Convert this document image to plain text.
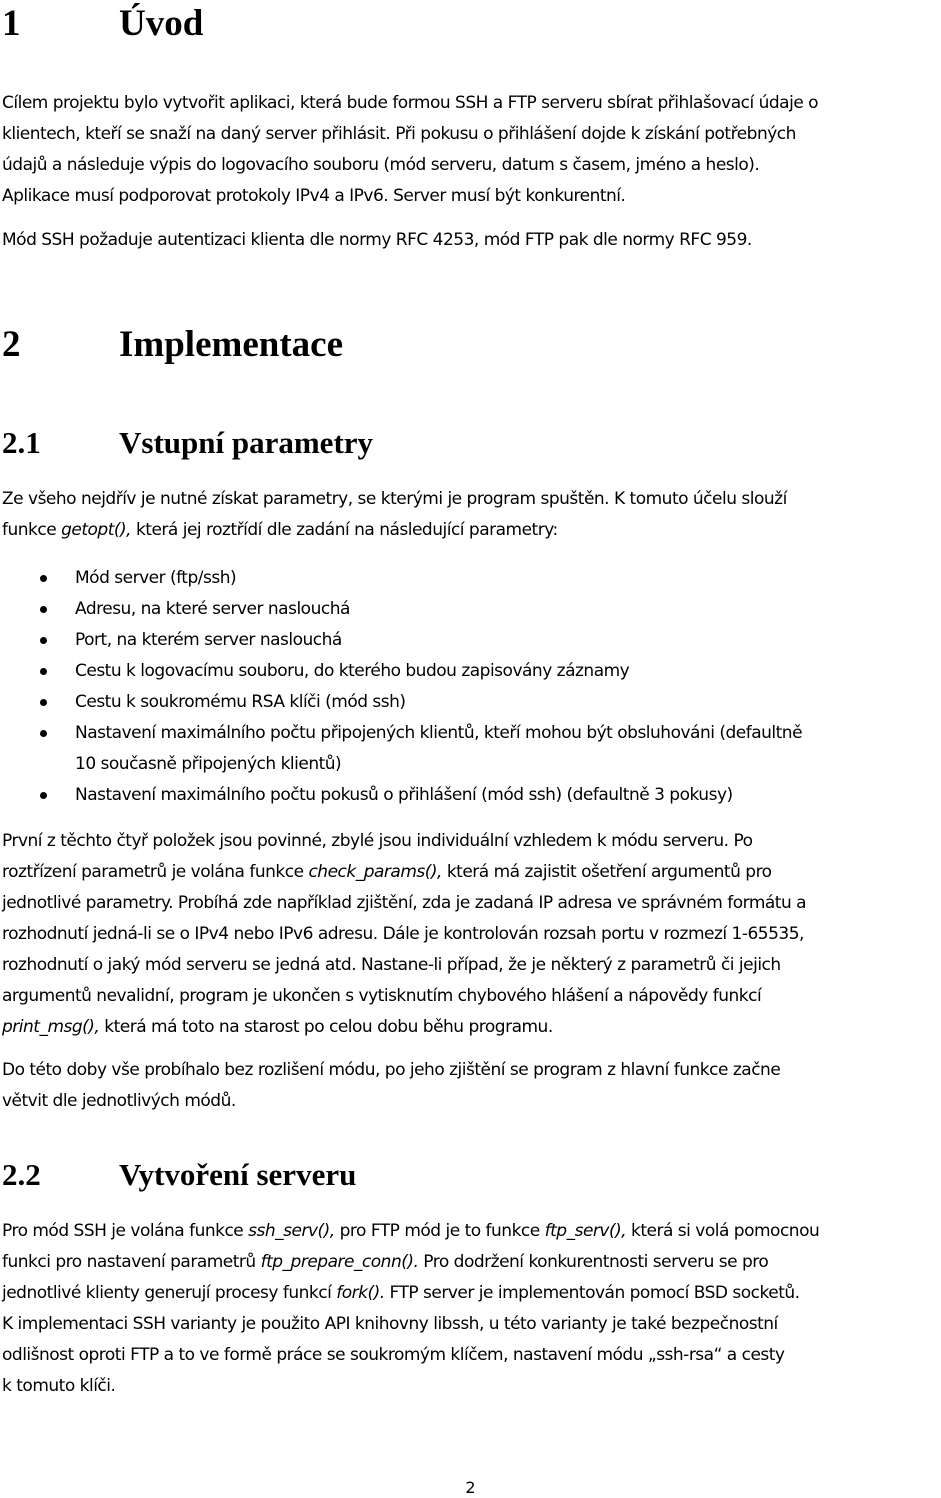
1	Úvod

Cílem projektu bylo vytvořit aplikaci, která bude formou SSH a FTP serveru sbírat přihlašovací údaje o
klientech, kteří se snaží na daný server přihlásit. Při pokusu o přihlášení dojde k získání potřebných
údajů a následuje výpis do logovacího souboru (mód serveru, datum s časem, jméno a heslo).
Aplikace musí podporovat protokoly IPv4 a IPv6. Server musí být konkurentní.

Mód SSH požaduje autentizaci klienta dle normy RFC 4253, mód FTP pak dle normy RFC 959.

2	Implementace
2.1	Vstupní parametry

Ze všeho nejdřív je nutné získat parametry, se kterými je program spuštěn. K tomuto účelu slouží
funkce getopt(), která jej roztřídí dle zadání na následující parametry:

Mód server (ftp/ssh)
Adresu, na které server naslouchá
Port, na kterém server naslouchá
Cestu k logovacímu souboru, do kterého budou zapisovány záznamy
Cestu k soukromému RSA klíči (mód ssh)
Nastavení maximálního počtu připojených klientů, kteří mohou být obsluhováni (defaultně
10 současně připojených klientů)
Nastavení maximálního počtu pokusů o přihlášení (mód ssh) (defaultně 3 pokusy)

První z těchto čtyř položek jsou povinné, zbylé jsou individuální vzhledem k módu serveru. Po
roztřízení parametrů je volána funkce check_params(), která má zajistit ošetření argumentů pro
jednotlivé parametry. Probíhá zde například zjištění, zda je zadaná IP adresa ve správném formátu a
rozhodnutí jedná-li se o IPv4 nebo IPv6 adresu. Dále je kontrolován rozsah portu v rozmezí 1-65535,
rozhodnutí o jaký mód serveru se jedná atd. Nastane-li případ, že je některý z parametrů či jejich
argumentů nevalidní, program je ukončen s vytisknutím chybového hlášení a nápovědy funkcí
print_msg(), která má toto na starost po celou dobu běhu programu.

Do této doby vše probíhalo bez rozlišení módu, po jeho zjištění se program z hlavní funkce začne
větvit dle jednotlivých módů.

2.2	Vytvoření serveru

Pro mód SSH je volána funkce ssh_serv(), pro FTP mód je to funkce ftp_serv(), která si volá pomocnou
funkci pro nastavení parametrů ftp_prepare_conn(). Pro dodržení konkurentnosti serveru se pro
jednotlivé klienty generují procesy funkcí fork(). FTP server je implementován pomocí BSD socketů.
K implementaci SSH varianty je použito API knihovny libssh, u této varianty je také bezpečnostní
odlišnost oproti FTP a to ve formě práce se soukromým klíčem, nastavení módu „ssh-rsa“ a cesty
k tomuto klíči.

2
